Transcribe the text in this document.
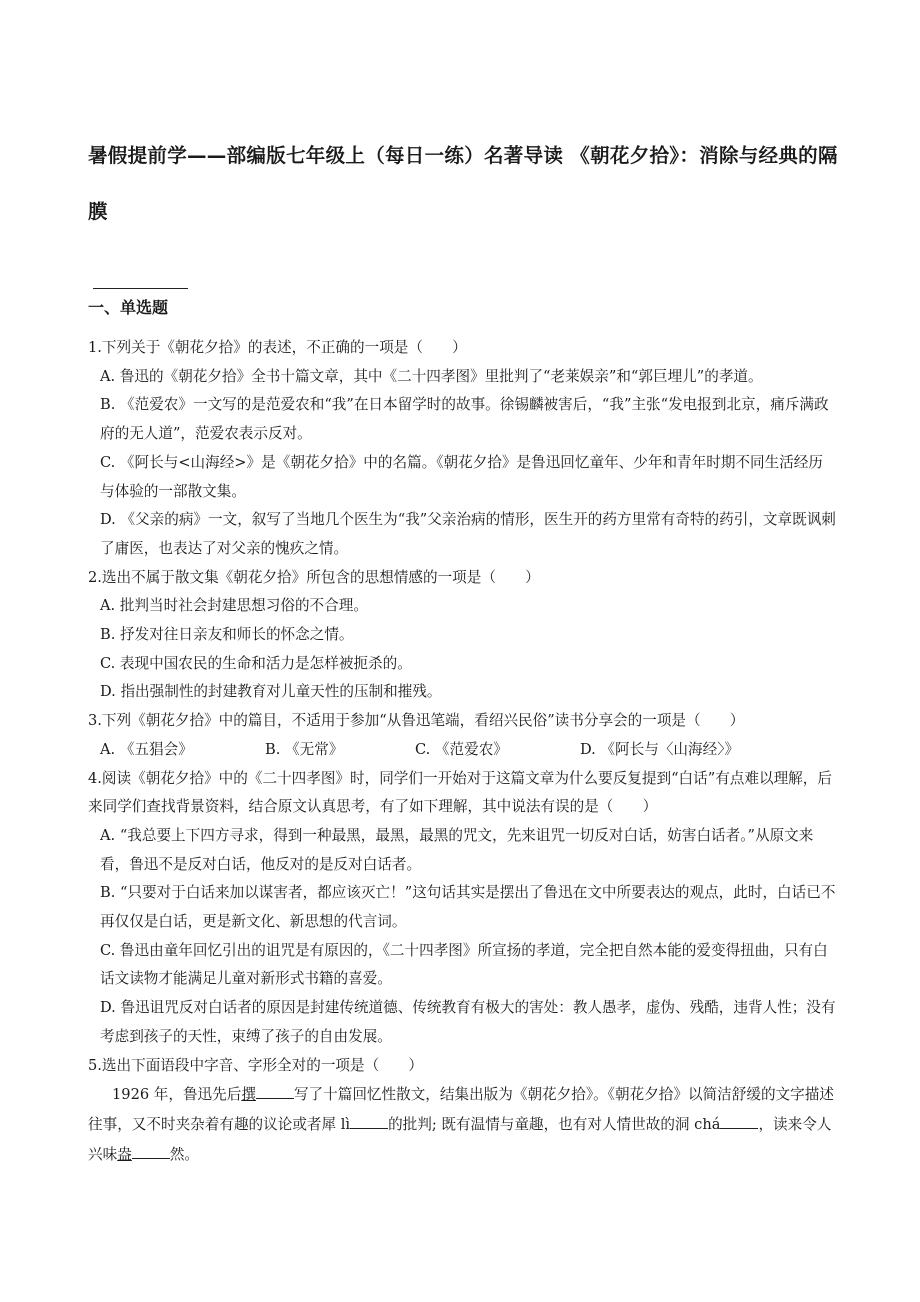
暑假提前学——部编版七年级上（每日一练）名著导读 《朝花夕拾》：消除与经典的隔膜
一、单选题

1.下列关于《朝花夕拾》的表述，不正确的一项是（　　）

A. 鲁迅的《朝花夕拾》全书十篇文章，其中《二十四孝图》里批判了“老莱娱亲”和“郭巨埋儿”的孝道。

B. 《范爱农》一文写的是范爱农和“我”在日本留学时的故事。徐锡麟被害后，“我”主张“发电报到北京，痛斥满政府的无人道”，范爱农表示反对。

C. 《阿长与<山海经>》是《朝花夕拾》中的名篇。《朝花夕拾》是鲁迅回忆童年、少年和青年时期不同生活经历与体验的一部散文集。

D. 《父亲的病》一文，叙写了当地几个医生为“我”父亲治病的情形，医生开的药方里常有奇特的药引，文章既讽刺了庸医，也表达了对父亲的愧疚之情。

2.选出不属于散文集《朝花夕拾》所包含的思想情感的一项是（　　）

A. 批判当时社会封建思想习俗的不合理。

B. 抒发对往日亲友和师长的怀念之情。

C. 表现中国农民的生命和活力是怎样被扼杀的。

D. 指出强制性的封建教育对儿童天性的压制和摧残。

3.下列《朝花夕拾》中的篇目，不适用于参加“从鲁迅笔端，看绍兴民俗”读书分享会的一项是（　　）

A. 《五猖会》	B. 《无常》	C. 《范爱农》	D. 《阿长与〈山海经〉》

4.阅读《朝花夕拾》中的《二十四孝图》时，同学们一开始对于这篇文章为什么要反复提到“白话”有点难以理解，后来同学们查找背景资料，结合原文认真思考，有了如下理解，其中说法有误的是（　　）

A. “我总要上下四方寻求，得到一种最黑，最黑，最黑的咒文，先来诅咒一切反对白话，妨害白话者。”从原文来看，鲁迅不是反对白话，他反对的是反对白话者。

B. “只要对于白话来加以谋害者，都应该灭亡！”这句话其实是摆出了鲁迅在文中所要表达的观点，此时，白话已不再仅仅是白话，更是新文化、新思想的代言词。

C. 鲁迅由童年回忆引出的诅咒是有原因的，《二十四孝图》所宣扬的孝道，完全把自然本能的爱变得扭曲，只有白话文读物才能满足儿童对新形式书籍的喜爱。

D. 鲁迅诅咒反对白话者的原因是封建传统道德、传统教育有极大的害处：教人愚孝，虚伪、残酷，违背人性；没有考虑到孩子的天性，束缚了孩子的自由发展。

5.选出下面语段中字音、字形全对的一项是（　　）

1926 年，鲁迅先后撰	写了十篇回忆性散文，结集出版为《朝花夕拾》。《朝花夕拾》以简洁舒缓的文字描述往事，又不时夹杂着有趣的议论或者犀 lì	的批判; 既有温情与童趣，也有对人情世故的洞 chá	，读来令人兴味盎	然。
